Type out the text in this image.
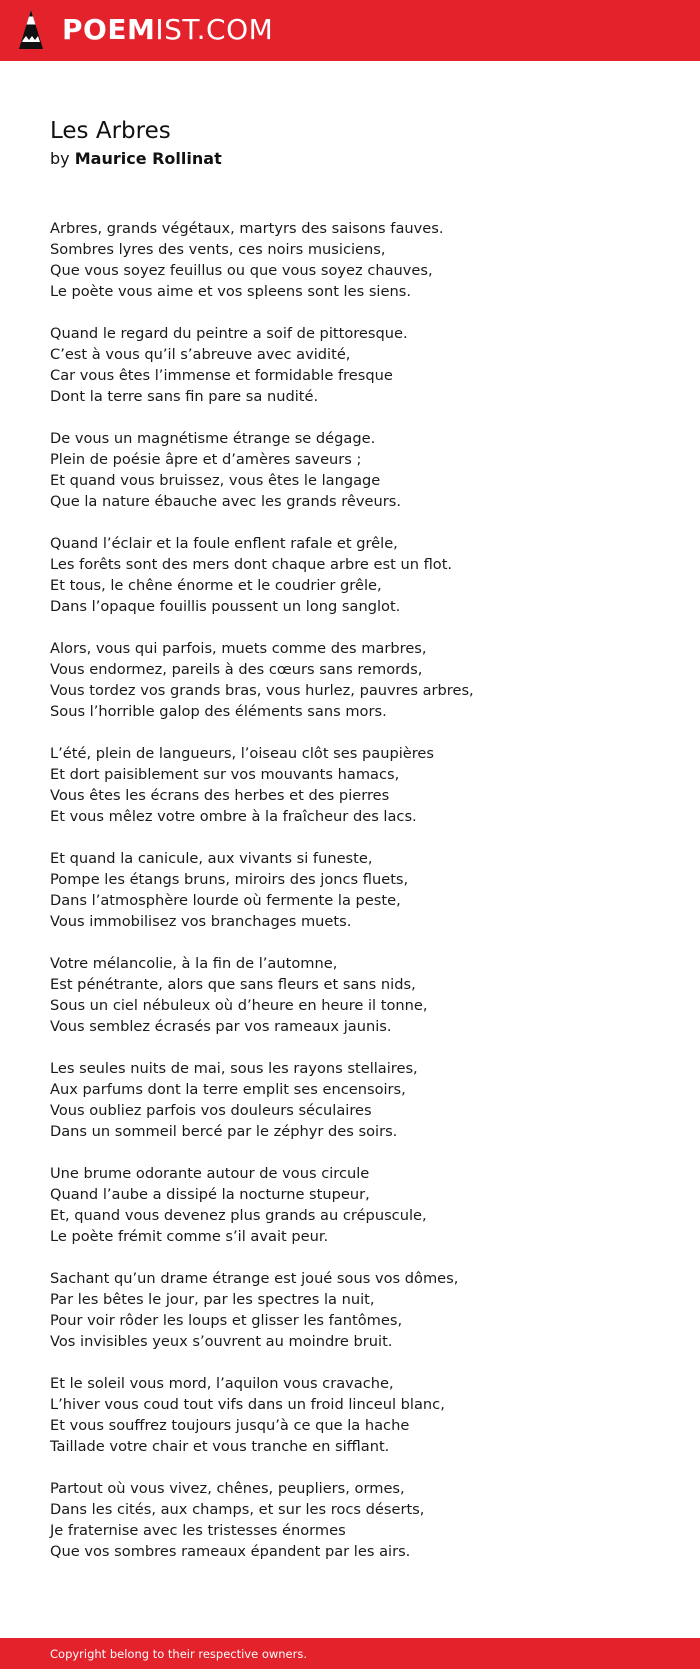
POEMIST.COM
Les Arbres
by Maurice Rollinat
Arbres, grands végétaux, martyrs des saisons fauves.
Sombres lyres des vents, ces noirs musiciens,
Que vous soyez feuillus ou que vous soyez chauves,
Le poète vous aime et vos spleens sont les siens.
Quand le regard du peintre a soif de pittoresque.
C’est à vous qu’il s’abreuve avec avidité,
Car vous êtes l’immense et formidable fresque
Dont la terre sans fin pare sa nudité.
De vous un magnétisme étrange se dégage.
Plein de poésie âpre et d’amères saveurs ;
Et quand vous bruissez, vous êtes le langage
Que la nature ébauche avec les grands rêveurs.
Quand l’éclair et la foule enflent rafale et grêle,
Les forêts sont des mers dont chaque arbre est un flot.
Et tous, le chêne énorme et le coudrier grêle,
Dans l’opaque fouillis poussent un long sanglot.
Alors, vous qui parfois, muets comme des marbres,
Vous endormez, pareils à des cœurs sans remords,
Vous tordez vos grands bras, vous hurlez, pauvres arbres,
Sous l’horrible galop des éléments sans mors.
L’été, plein de langueurs, l’oiseau clôt ses paupières
Et dort paisiblement sur vos mouvants hamacs,
Vous êtes les écrans des herbes et des pierres
Et vous mêlez votre ombre à la fraîcheur des lacs.
Et quand la canicule, aux vivants si funeste,
Pompe les étangs bruns, miroirs des joncs fluets,
Dans l’atmosphère lourde où fermente la peste,
Vous immobilisez vos branchages muets.
Votre mélancolie, à la fin de l’automne,
Est pénétrante, alors que sans fleurs et sans nids,
Sous un ciel nébuleux où d’heure en heure il tonne,
Vous semblez écrasés par vos rameaux jaunis.
Les seules nuits de mai, sous les rayons stellaires,
Aux parfums dont la terre emplit ses encensoirs,
Vous oubliez parfois vos douleurs séculaires
Dans un sommeil bercé par le zéphyr des soirs.
Une brume odorante autour de vous circule
Quand l’aube a dissipé la nocturne stupeur,
Et, quand vous devenez plus grands au crépuscule,
Le poète frémit comme s’il avait peur.
Sachant qu’un drame étrange est joué sous vos dômes,
Par les bêtes le jour, par les spectres la nuit,
Pour voir rôder les loups et glisser les fantômes,
Vos invisibles yeux s’ouvrent au moindre bruit.
Et le soleil vous mord, l’aquilon vous cravache,
L’hiver vous coud tout vifs dans un froid linceul blanc,
Et vous souffrez toujours jusqu’à ce que la hache
Taillade votre chair et vous tranche en sifflant.
Partout où vous vivez, chênes, peupliers, ormes,
Dans les cités, aux champs, et sur les rocs déserts,
Je fraternise avec les tristesses énormes
Que vos sombres rameaux épandent par les airs.
Copyright belong to their respective owners.
